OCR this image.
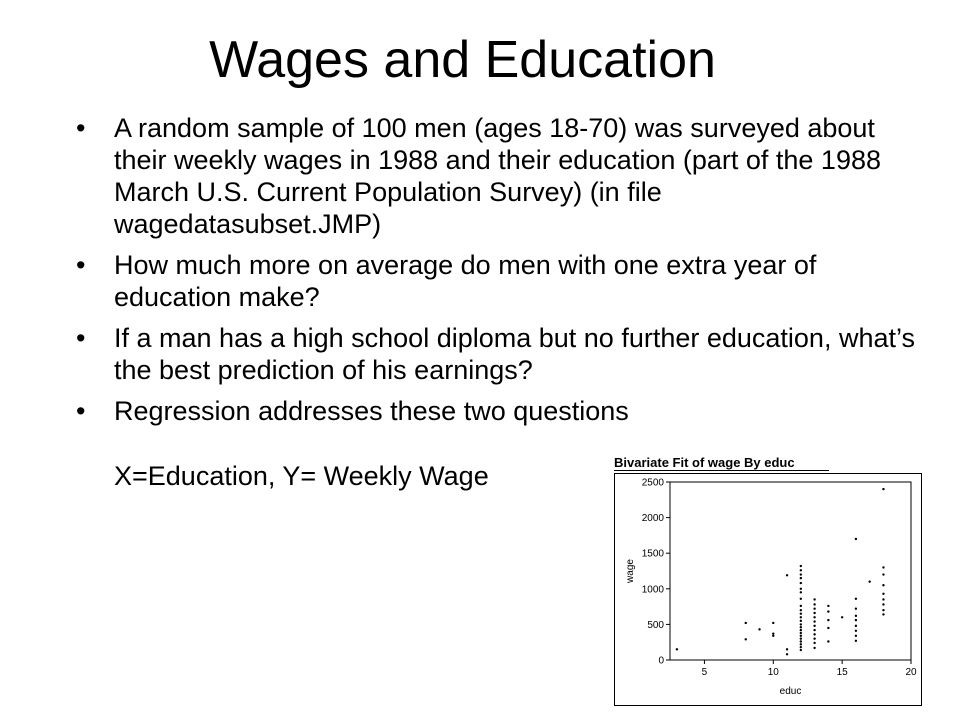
Wages and Education
• A random sample of 100 men (ages 18-70) was surveyed about their weekly wages in 1988 and their education (part of the 1988 March U.S. Current Population Survey) (in file wagedatasubset.JMP)
• How much more on average do men with one extra year of education make?
• If a man has a high school diploma but no further education, what’s the best prediction of his earnings?
• Regression addresses these two questions
X=Education, Y= Weekly Wage	Bivariate Fit of wage By educ
0
500
1000
1500
2000
2500
5	10	15	20
educ
wage
